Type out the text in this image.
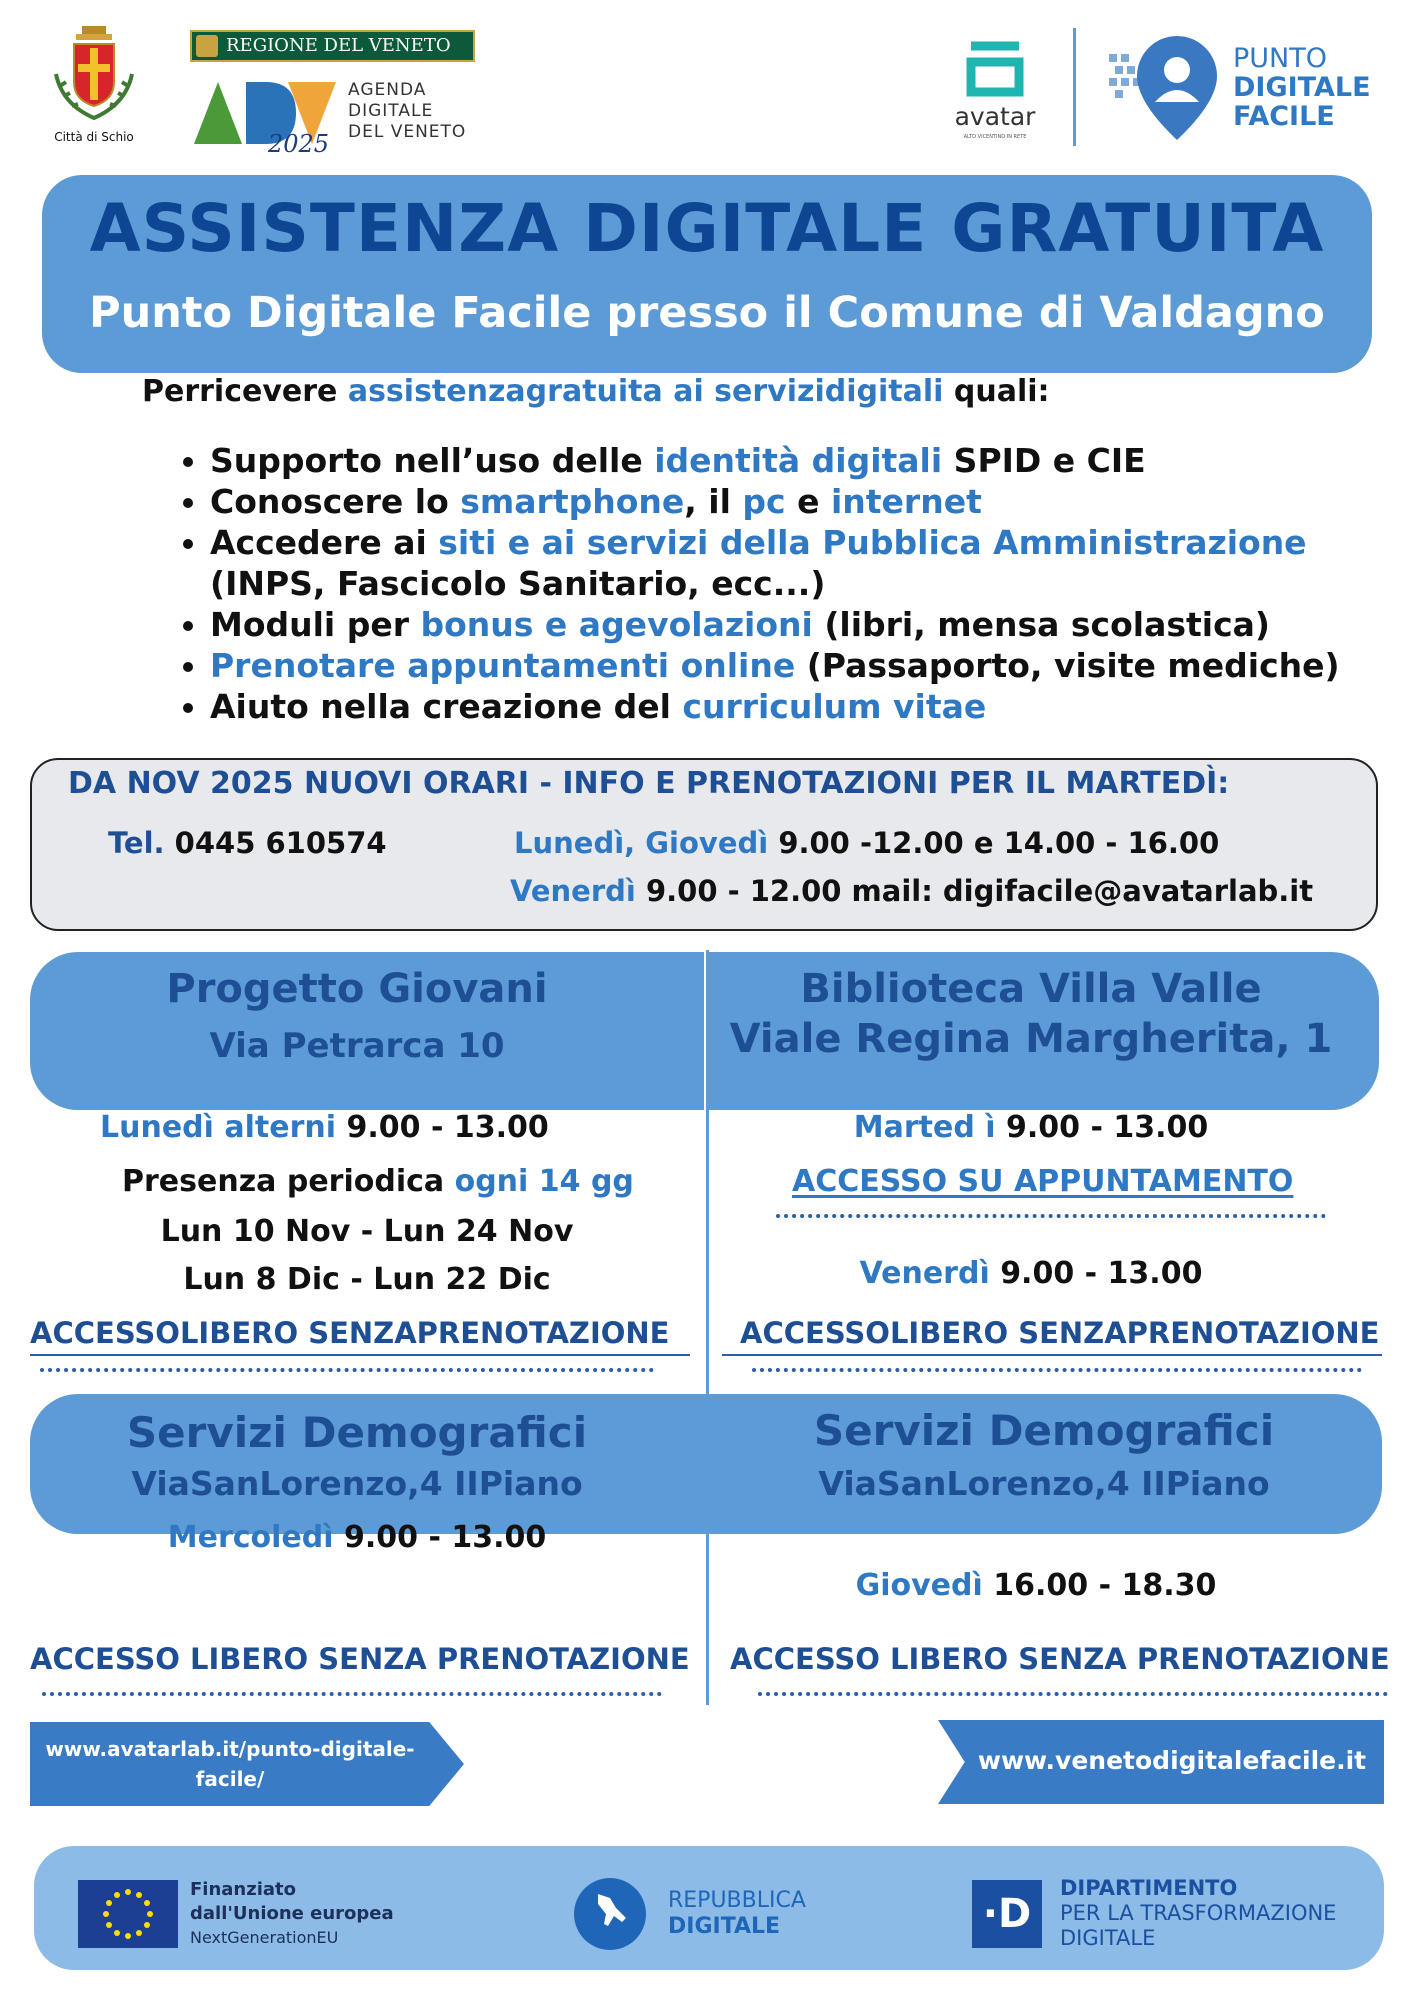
Città di Schio
REGIONE DEL VENETO
2025
AGENDA
DIGITALE
DEL VENETO
avatar
ALTO VICENTINO IN RETE
PUNTO
DIGITALE
FACILE
ASSISTENZA DIGITALE GRATUITA
Punto Digitale Facile presso il Comune di Valdagno
Perricevere assistenzagratuita ai servizidigitali quali:
• Supporto nell’uso delle identità digitali SPID e CIE
• Conoscere lo smartphone, il pc e internet
• Accedere ai siti e ai servizi della Pubblica Amministrazione (INPS, Fascicolo Sanitario, ecc...)
• Moduli per bonus e agevolazioni (libri, mensa scolastica)
• Prenotare appuntamenti online (Passaporto, visite mediche)
• Aiuto nella creazione del curriculum vitae
DA NOV 2025 NUOVI ORARI - INFO E PRENOTAZIONI PER IL MARTEDÌ:
Tel. 0445 610574	Lunedì, Giovedì 9.00 -12.00 e 14.00 - 16.00
Venerdì 9.00 - 12.00 mail: digifacile@avatarlab.it
Progetto Giovani
Via Petrarca 10
Biblioteca Villa Valle
Viale Regina Margherita, 1
Lunedì alterni 9.00 - 13.00
Presenza periodica ogni 14 gg
Lun 10 Nov - Lun 24 Nov
Lun 8 Dic - Lun 22 Dic
ACCESSOLIBERO SENZAPRENOTAZIONE
Marted ì 9.00 - 13.00
ACCESSO SU APPUNTAMENTO
Venerdì 9.00 - 13.00
ACCESSOLIBERO SENZAPRENOTAZIONE
Servizi Demografici
ViaSanLorenzo,4 IIPiano
Servizi Demografici
ViaSanLorenzo,4 IIPiano
Mercoledì 9.00 - 13.00
Giovedì 16.00 - 18.30
ACCESSO LIBERO SENZA PRENOTAZIONE ACCESSO LIBERO SENZA PRENOTAZIONE
www.avatarlab.it/punto-digitale-
facile/
www.venetodigitalefacile.it
Finanziato
dall'Unione europea
NextGenerationEU
REPUBBLICA
DIGITALE	·D
DIPARTIMENTO
PER LA TRASFORMAZIONE
DIGITALE
